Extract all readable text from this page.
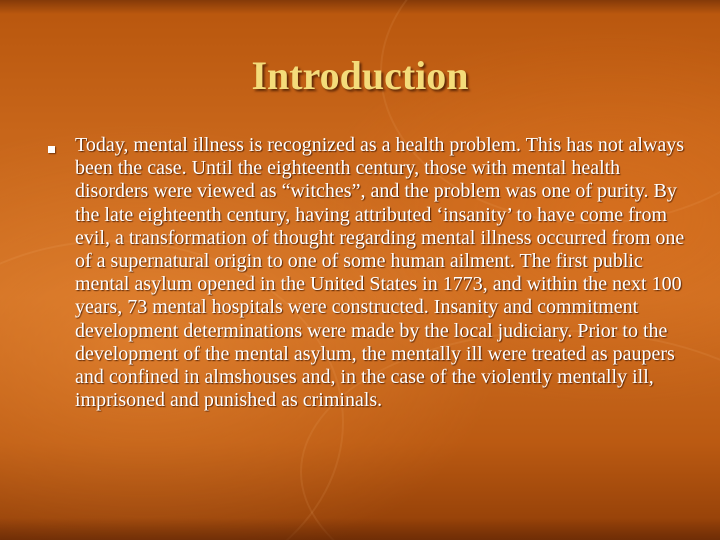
Introduction

Today, mental illness is recognized as a health problem. This has not always been the case. Until the eighteenth century, those with mental health disorders were viewed as “witches”, and the problem was one of purity. By the late eighteenth century, having attributed ‘insanity’ to have come from evil, a transformation of thought regarding mental illness occurred from one of a supernatural origin to one of some human ailment. The first public mental asylum opened in the United States in 1773, and within the next 100 years, 73 mental hospitals were constructed. Insanity and commitment development determinations were made by the local judiciary. Prior to the development of the mental asylum, the mentally ill were treated as paupers and confined in almshouses and, in the case of the violently mentally ill, imprisoned and punished as criminals.
